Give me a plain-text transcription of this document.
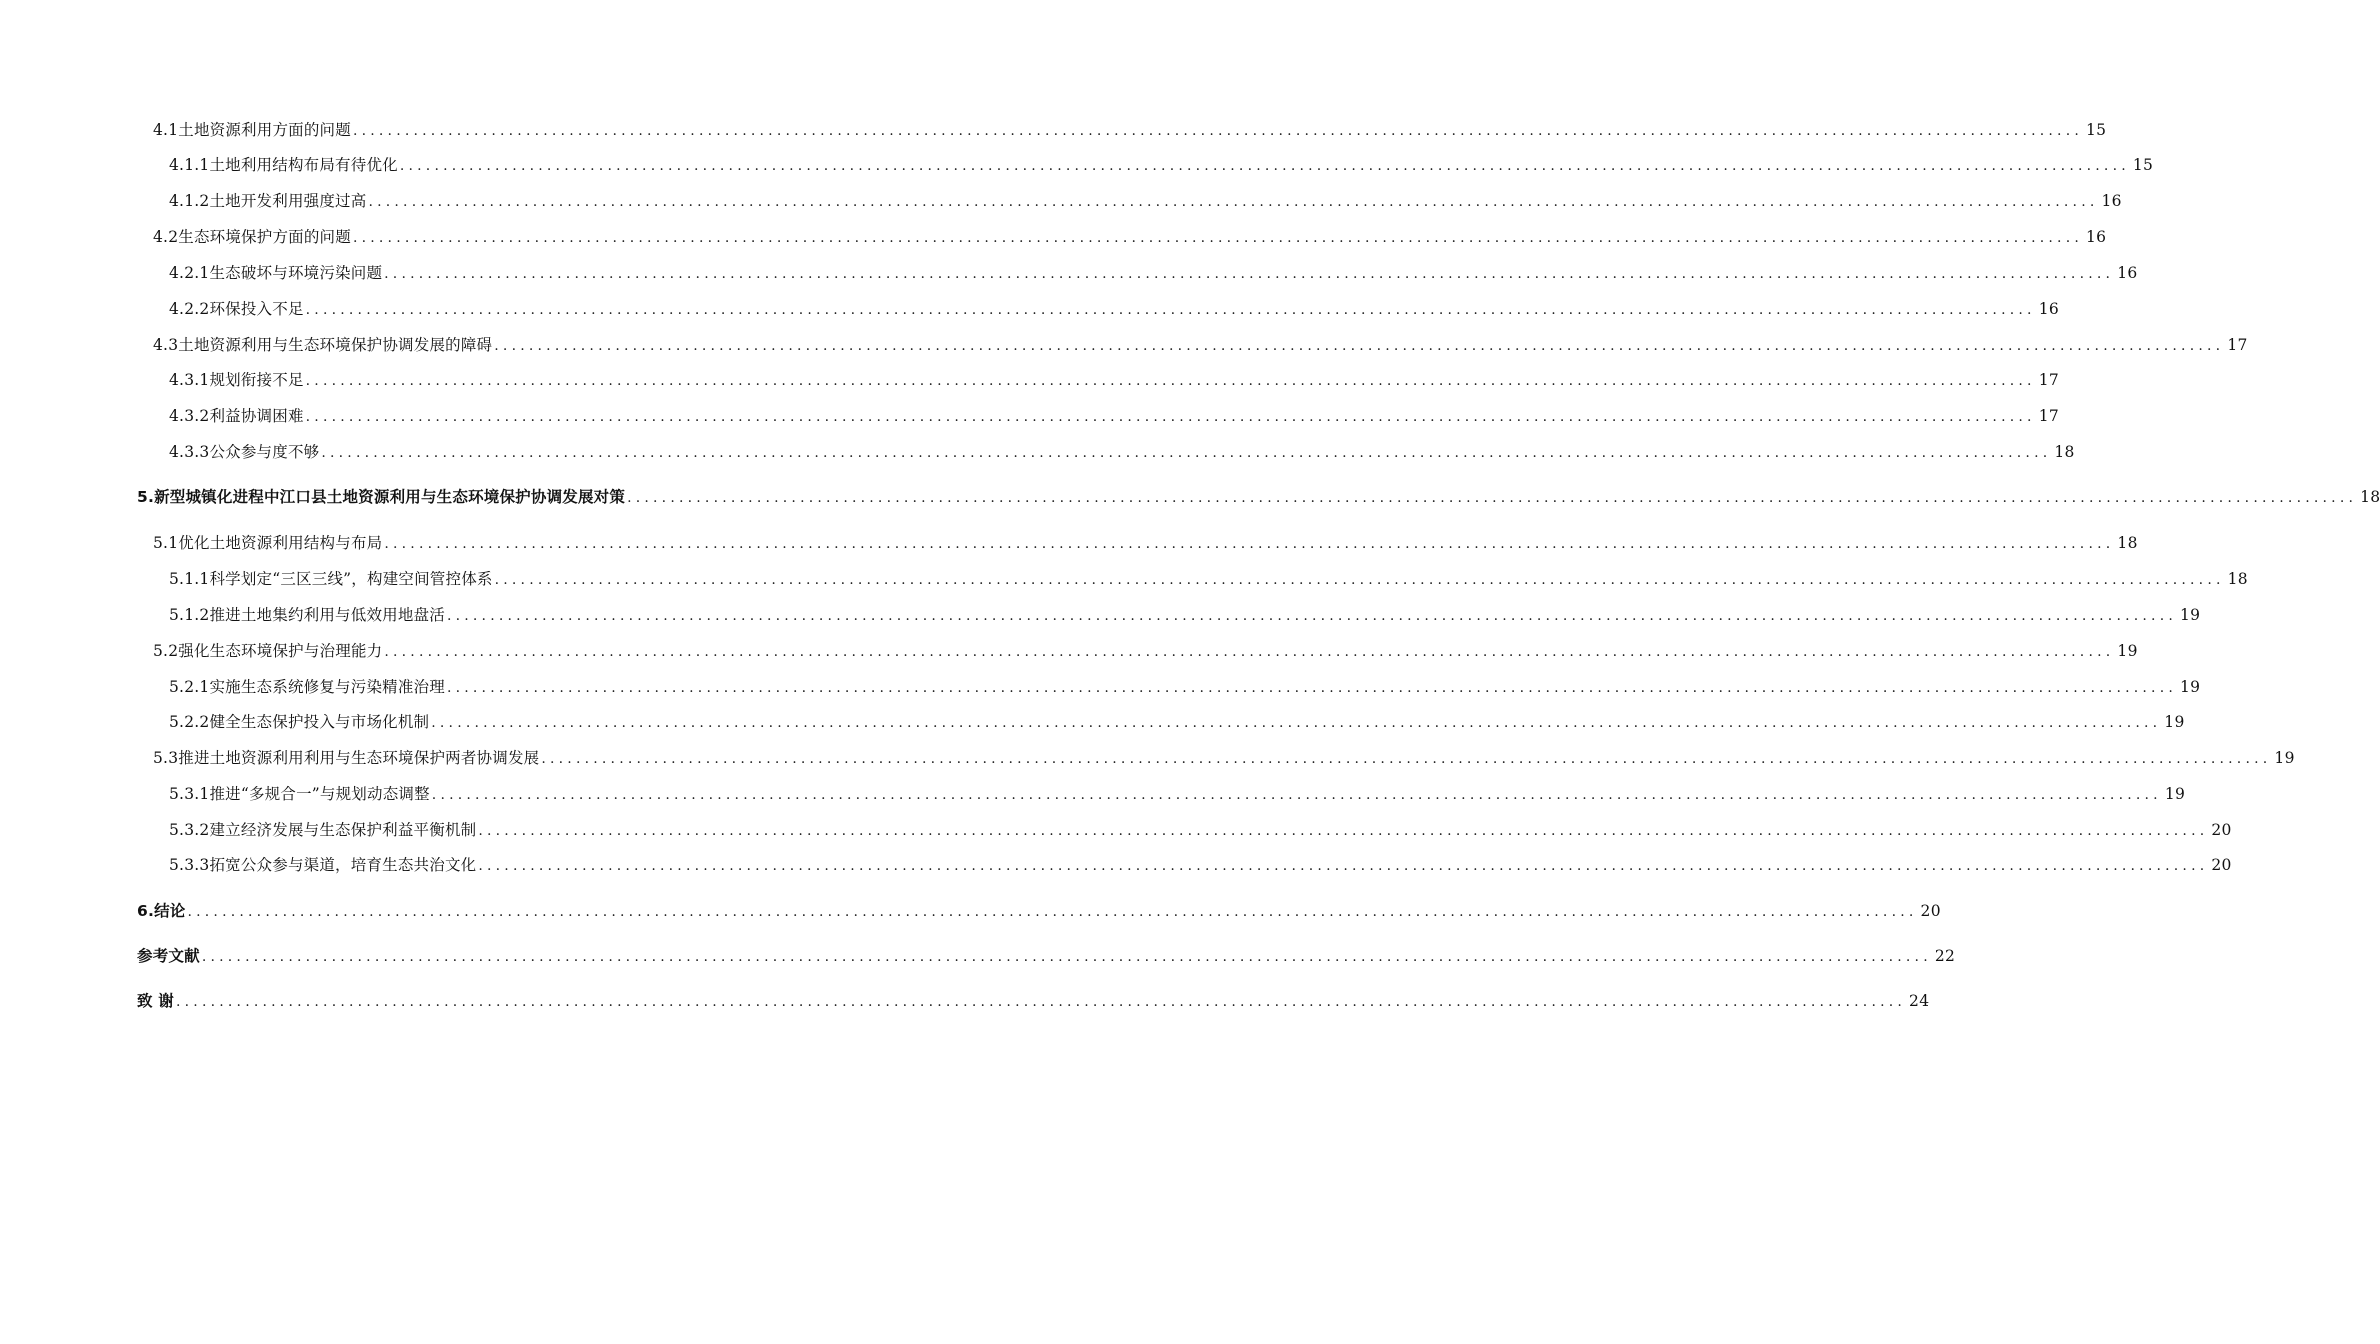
4.1土地资源利用方面的问题 ........................................................................................................................................................................................................ 15
4.1.1土地利用结构布局有待优化 ........................................................................................................................................................................................................ 15
4.1.2土地开发利用强度过高 ........................................................................................................................................................................................................ 16
4.2生态环境保护方面的问题 ........................................................................................................................................................................................................ 16
4.2.1生态破坏与环境污染问题 ........................................................................................................................................................................................................ 16
4.2.2环保投入不足 ........................................................................................................................................................................................................ 16
4.3土地资源利用与生态环境保护协调发展的障碍 ........................................................................................................................................................................................................ 17
4.3.1规划衔接不足 ........................................................................................................................................................................................................ 17
4.3.2利益协调困难 ........................................................................................................................................................................................................ 17
4.3.3公众参与度不够 ........................................................................................................................................................................................................ 18
5.新型城镇化进程中江口县土地资源利用与生态环境保护协调发展对策 ........................................................................................................................................................................................................ 18
5.1优化土地资源利用结构与布局 ........................................................................................................................................................................................................ 18
5.1.1科学划定“三区三线”，构建空间管控体系 ........................................................................................................................................................................................................ 18
5.1.2推进土地集约利用与低效用地盘活 ........................................................................................................................................................................................................ 19
5.2强化生态环境保护与治理能力 ........................................................................................................................................................................................................ 19
5.2.1实施生态系统修复与污染精准治理 ........................................................................................................................................................................................................ 19
5.2.2健全生态保护投入与市场化机制 ........................................................................................................................................................................................................ 19
5.3推进土地资源利用利用与生态环境保护两者协调发展 ........................................................................................................................................................................................................ 19
5.3.1推进“多规合一”与规划动态调整 ........................................................................................................................................................................................................ 19
5.3.2建立经济发展与生态保护利益平衡机制 ........................................................................................................................................................................................................ 20
5.3.3拓宽公众参与渠道，培育生态共治文化 ........................................................................................................................................................................................................ 20
6.结论 ........................................................................................................................................................................................................ 20
参考文献 ........................................................................................................................................................................................................ 22
致 谢 ........................................................................................................................................................................................................ 24
